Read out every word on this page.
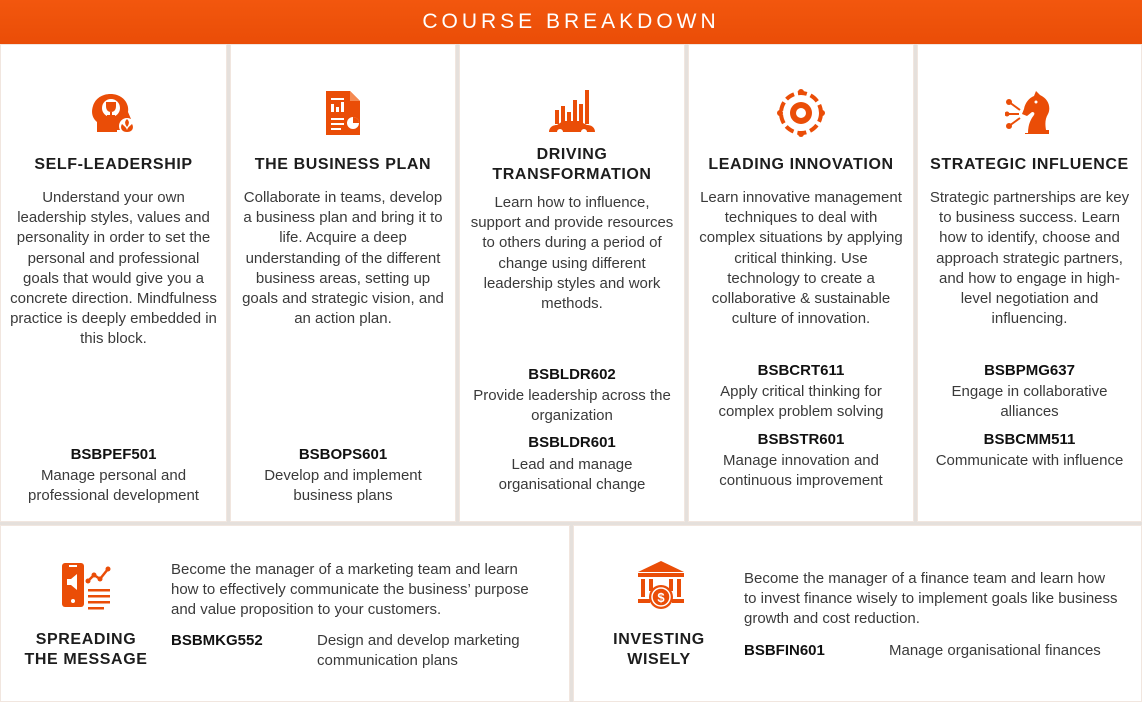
COURSE BREAKDOWN
SELF-LEADERSHIP
Understand your own leadership styles, values and personality in order to set the personal and professional goals that would give you a concrete direction. Mindfulness practice is deeply embedded in this block.
BSBPEF501
Manage personal and professional development
THE BUSINESS PLAN
Collaborate in teams, develop a business plan and bring it to life. Acquire a deep understanding of the different business areas, setting up goals and strategic vision, and an action plan.
BSBOPS601
Develop and implement business plans
DRIVING
TRANSFORMATION
Learn how to influence, support and provide resources to others during a period of change using different leadership styles and work methods.
BSBLDR602
Provide leadership across the organization
BSBLDR601
Lead and manage organisational change
LEADING INNOVATION
Learn innovative management techniques to deal with complex situations by applying critical thinking. Use technology to create a collaborative & sustainable culture of innovation.
BSBCRT611
Apply critical thinking for complex problem solving
BSBSTR601
Manage innovation and continuous improvement
STRATEGIC INFLUENCE
Strategic partnerships are key to business success. Learn how to identify, choose and approach strategic partners, and how to engage in high-level negotiation and influencing.
BSBPMG637
Engage in collaborative alliances
BSBCMM511
Communicate with influence
SPREADING
THE MESSAGE
Become the manager of a marketing team and learn
how to effectively communicate the business’ purpose
and value proposition to your customers.
BSBMKG552	Design and develop marketing
communication plans
$
INVESTING
WISELY
Become the manager of a finance team and learn how
to invest finance wisely to implement goals like business
growth and cost reduction.
BSBFIN601	Manage organisational finances
